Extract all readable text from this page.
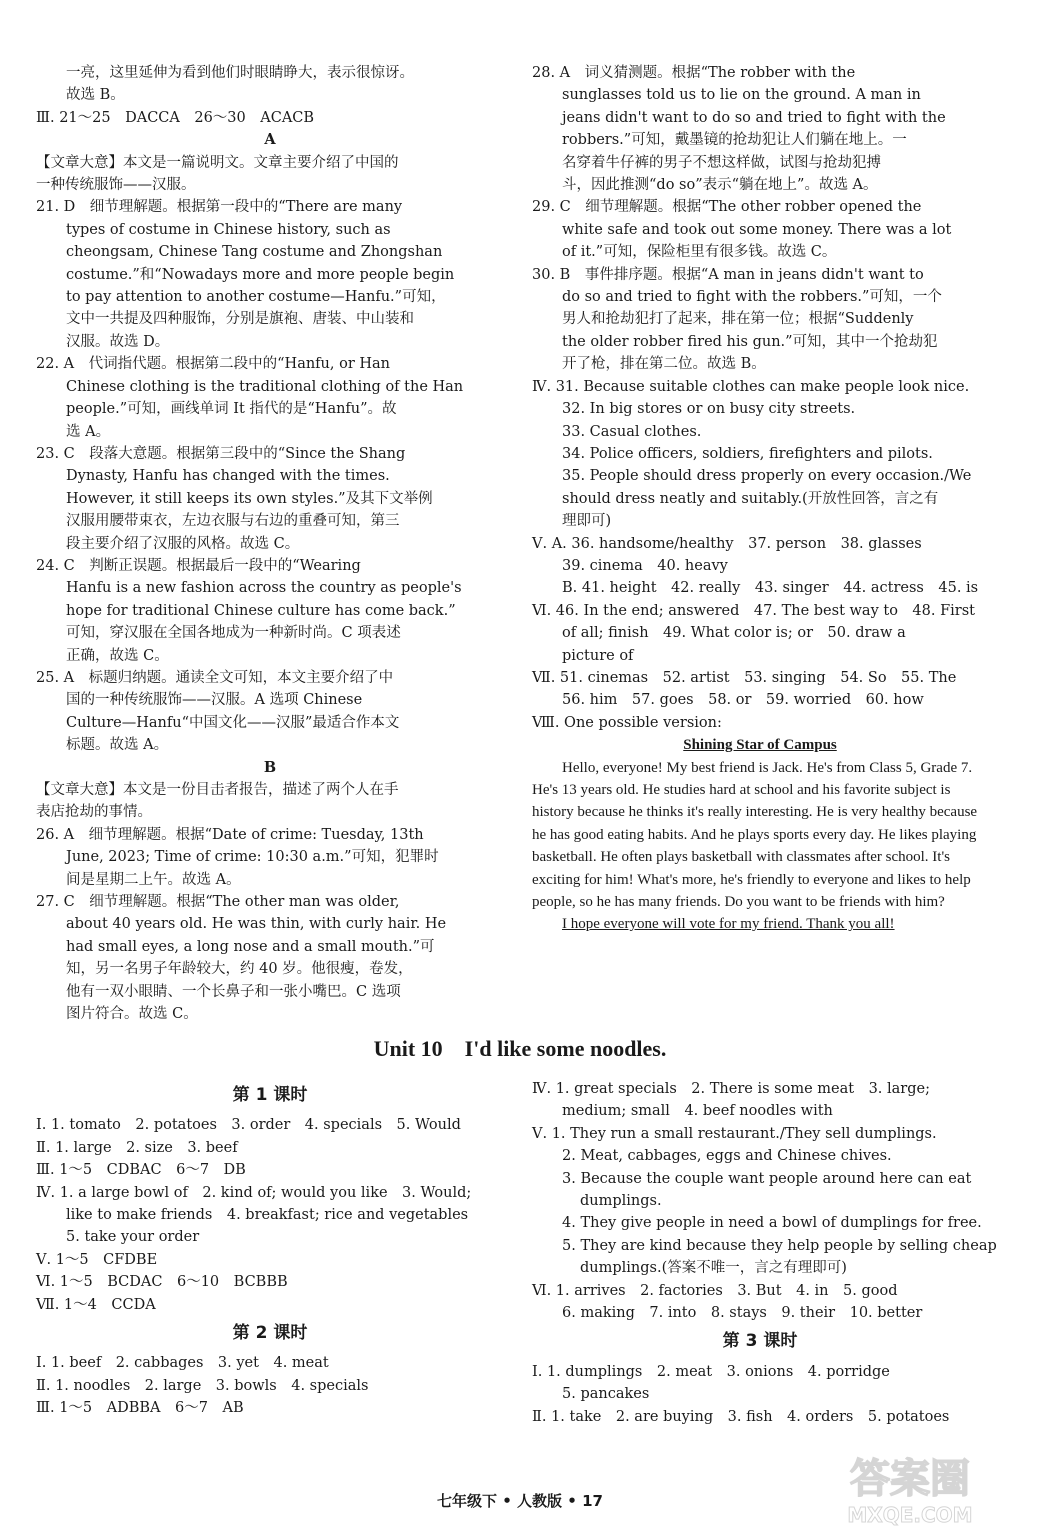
一亮，这里延伸为看到他们时眼睛睁大，表示很惊讶。
故选 B。
Ⅲ. 21～25　DACCA　26～30　ACACB
A
【文章大意】本文是一篇说明文。文章主要介绍了中国的
一种传统服饰——汉服。
21. D　细节理解题。根据第一段中的“There are many
types of costume in Chinese history, such as
cheongsam, Chinese Tang costume and Zhongshan
costume.”和“Nowadays more and more people begin
to pay attention to another costume—Hanfu.”可知，
文中一共提及四种服饰，分别是旗袍、唐装、中山装和
汉服。故选 D。
22. A　代词指代题。根据第二段中的“Hanfu, or Han
Chinese clothing is the traditional clothing of the Han
people.”可知，画线单词 It 指代的是“Hanfu”。故
选 A。
23. C　段落大意题。根据第三段中的“Since the Shang
Dynasty, Hanfu has changed with the times.
However, it still keeps its own styles.”及其下文举例
汉服用腰带束衣，左边衣服与右边的重叠可知，第三
段主要介绍了汉服的风格。故选 C。
24. C　判断正误题。根据最后一段中的“Wearing
Hanfu is a new fashion across the country as people's
hope for traditional Chinese culture has come back.”
可知，穿汉服在全国各地成为一种新时尚。C 项表述
正确，故选 C。
25. A　标题归纳题。通读全文可知，本文主要介绍了中
国的一种传统服饰——汉服。A 选项 Chinese
Culture—Hanfu“中国文化——汉服”最适合作本文
标题。故选 A。
B
【文章大意】本文是一份目击者报告，描述了两个人在手
表店抢劫的事情。
26. A　细节理解题。根据“Date of crime: Tuesday, 13th
June, 2023; Time of crime: 10:30 a.m.”可知，犯罪时
间是星期二上午。故选 A。
27. C　细节理解题。根据“The other man was older,
about 40 years old. He was thin, with curly hair. He
had small eyes, a long nose and a small mouth.”可
知，另一名男子年龄较大，约 40 岁。他很瘦，卷发，
他有一双小眼睛、一个长鼻子和一张小嘴巴。C 选项
图片符合。故选 C。
28. A　词义猜测题。根据“The robber with the
sunglasses told us to lie on the ground. A man in
jeans didn't want to do so and tried to fight with the
robbers.”可知，戴墨镜的抢劫犯让人们躺在地上。一
名穿着牛仔裤的男子不想这样做，试图与抢劫犯搏
斗，因此推测“do so”表示“躺在地上”。故选 A。
29. C　细节理解题。根据“The other robber opened the
white safe and took out some money. There was a lot
of it.”可知，保险柜里有很多钱。故选 C。
30. B　事件排序题。根据“A man in jeans didn't want to
do so and tried to fight with the robbers.”可知，一个
男人和抢劫犯打了起来，排在第一位；根据“Suddenly
the older robber fired his gun.”可知，其中一个抢劫犯
开了枪，排在第二位。故选 B。
Ⅳ. 31. Because suitable clothes can make people look nice.
32. In big stores or on busy city streets.
33. Casual clothes.
34. Police officers, soldiers, firefighters and pilots.
35. People should dress properly on every occasion./We
should dress neatly and suitably.(开放性回答，言之有
理即可)
Ⅴ. A. 36. handsome/healthy　37. person　38. glasses
39. cinema　40. heavy
B. 41. height　42. really　43. singer　44. actress　45. is
Ⅵ. 46. In the end; answered　47. The best way to　48. First
of all; finish　49. What color is; or　50. draw a
picture of
Ⅶ. 51. cinemas　52. artist　53. singing　54. So　55. The
56. him　57. goes　58. or　59. worried　60. how
Ⅷ. One possible version:
Shining Star of Campus

Hello, everyone! My best friend is Jack. He's from Class 5, Grade 7. He's 13 years old. He studies hard at school and his favorite subject is history because he thinks it's really interesting. He is very healthy because he has good eating habits. And he plays sports every day. He likes playing basketball. He often plays basketball with classmates after school. It's exciting for him! What's more, he's friendly to everyone and likes to help people, so he has many friends. Do you want to be friends with him?

I hope everyone will vote for my friend. Thank you all!

Unit 10　I'd like some noodles.
第 1 课时
Ⅰ. 1. tomato　2. potatoes　3. order　4. specials　5. Would
Ⅱ. 1. large　2. size　3. beef
Ⅲ. 1～5　CDBAC　6～7　DB
Ⅳ. 1. a large bowl of　2. kind of; would you like　3. Would;
like to make friends　4. breakfast; rice and vegetables
5. take your order
Ⅴ. 1～5　CFDBE
Ⅵ. 1～5　BCDAC　6～10　BCBBB
Ⅶ. 1～4　CCDA
第 2 课时
Ⅰ. 1. beef　2. cabbages　3. yet　4. meat
Ⅱ. 1. noodles　2. large　3. bowls　4. specials
Ⅲ. 1～5　ADBBA　6～7　AB
Ⅳ. 1. great specials　2. There is some meat　3. large;
medium; small　4. beef noodles with
Ⅴ. 1. They run a small restaurant./They sell dumplings.
2. Meat, cabbages, eggs and Chinese chives.
3. Because the couple want people around here can eat
dumplings.
4. They give people in need a bowl of dumplings for free.
5. They are kind because they help people by selling cheap
dumplings.(答案不唯一，言之有理即可)
Ⅵ. 1. arrives　2. factories　3. But　4. in　5. good
6. making　7. into　8. stays　9. their　10. better
第 3 课时
Ⅰ. 1. dumplings　2. meat　3. onions　4. porridge
5. pancakes
Ⅱ. 1. take　2. are buying　3. fish　4. orders　5. potatoes
七年级下 • 人教版 • 17	答案圈
MXQE.COM
